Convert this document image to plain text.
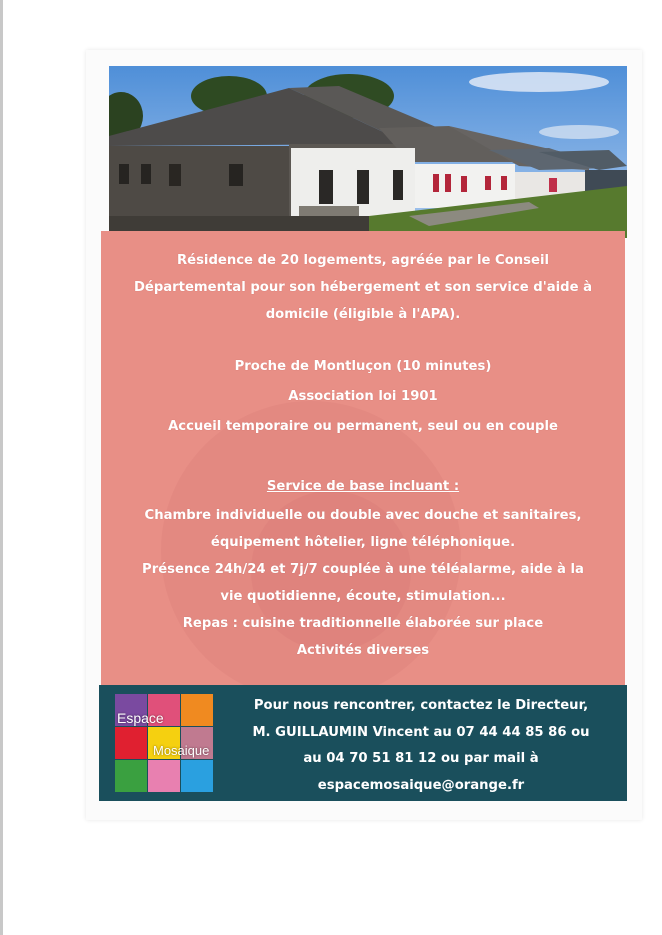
Résidence de 20 logements, agréée par le Conseil
Départemental pour son hébergement et son service d'aide à
domicile (éligible à l'APA).
Proche de Montluçon (10 minutes)
Association loi 1901
Accueil temporaire ou permanent, seul ou en couple
Service de base incluant :
Chambre individuelle ou double avec douche et sanitaires,
équipement hôtelier, ligne téléphonique.
Présence 24h/24 et 7j/7 couplée à une téléalarme, aide à la
vie quotidienne, écoute, stimulation...
Repas : cuisine traditionnelle élaborée sur place
Activités diverses
Espace
Mosaique
Pour nous rencontrer, contactez le Directeur,
M. GUILLAUMIN Vincent au 07 44 44 85 86 ou
au 04 70 51 81 12 ou par mail à
espacemosaique@orange.fr
